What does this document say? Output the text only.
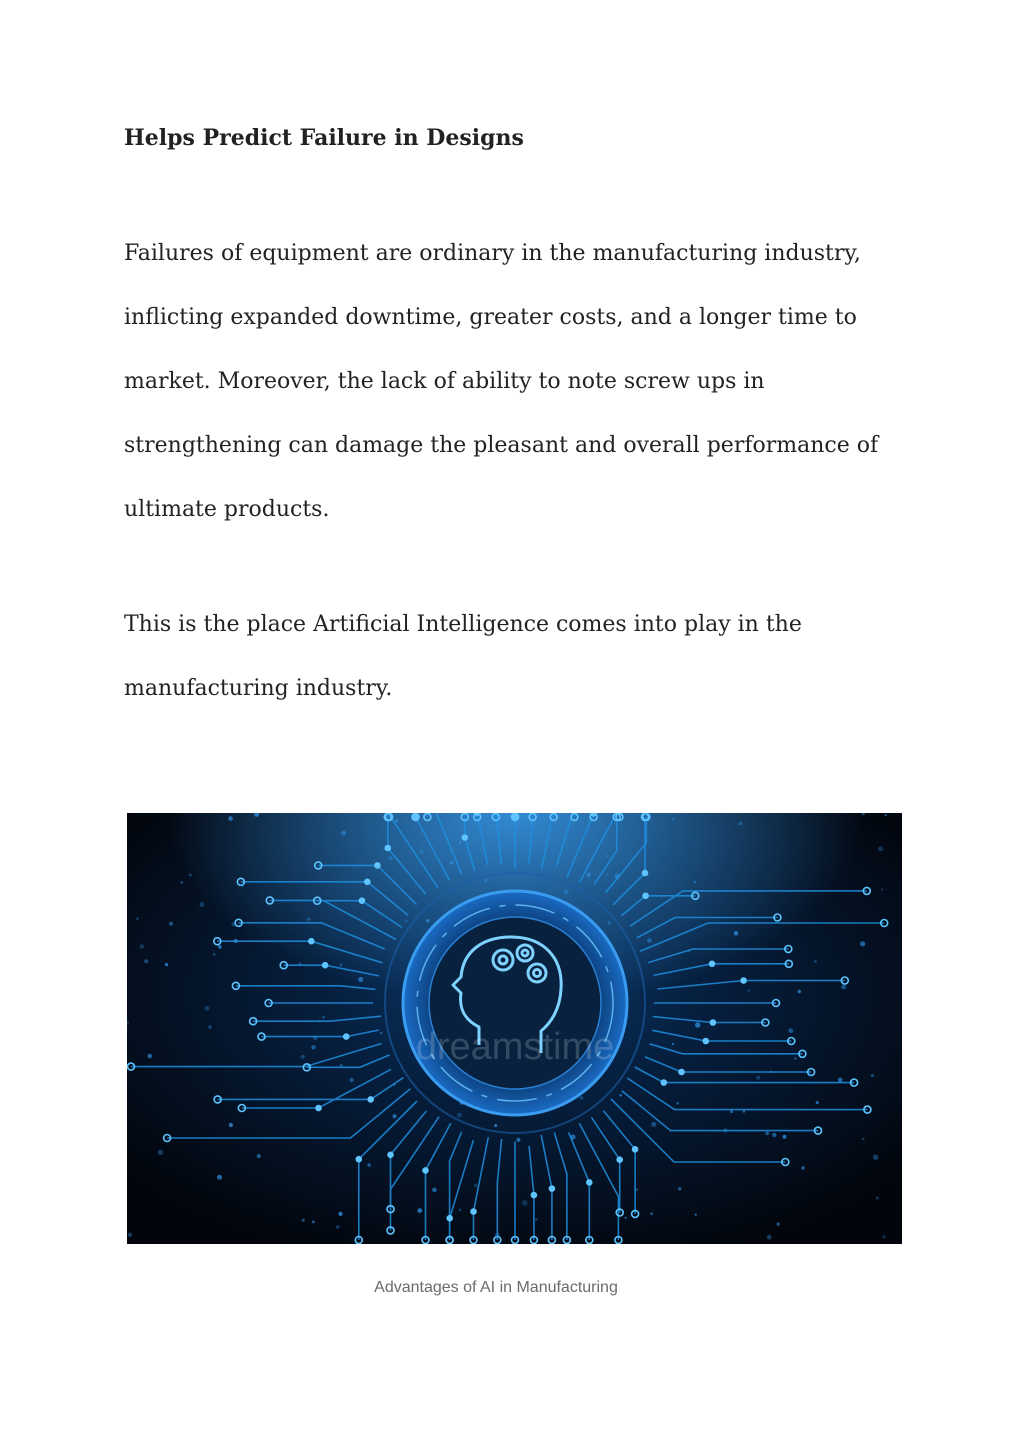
Helps Predict Failure in Designs

Failures of equipment are ordinary in the manufacturing industry,
inflicting expanded downtime, greater costs, and a longer time to
market. Moreover, the lack of ability to note screw ups in
strengthening can damage the pleasant and overall performance of
ultimate products.

This is the place Artificial Intelligence comes into play in the
manufacturing industry.

dreamstime
Advantages of AI in Manufacturing
